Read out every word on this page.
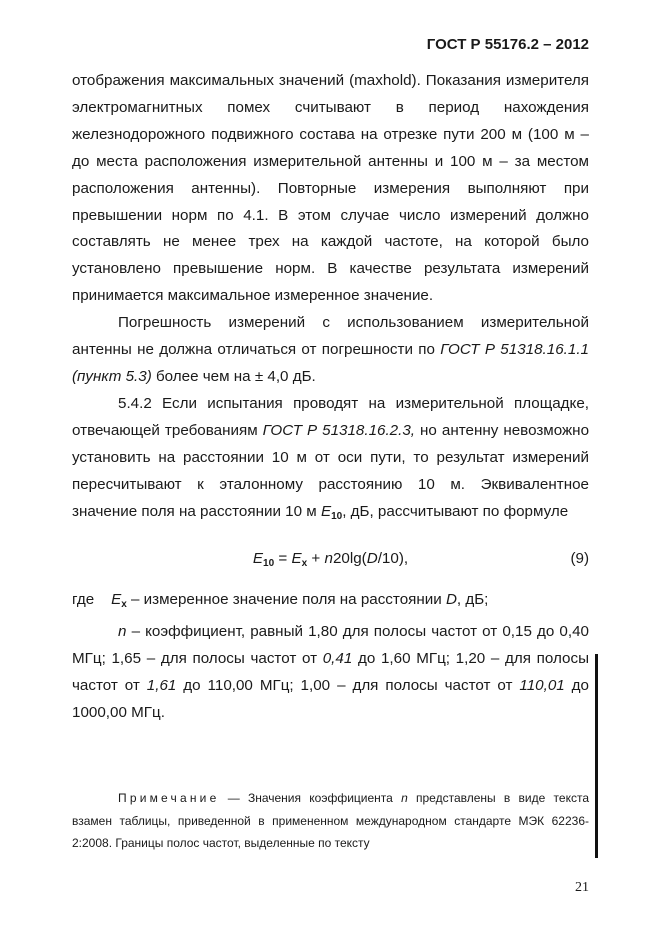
ГОСТ Р 55176.2 – 2012

отображения максимальных значений (maxhold). Показания измерителя электромагнитных помех считывают в период нахождения железнодорожного подвижного состава на отрезке пути 200 м (100 м – до места расположения измерительной антенны и 100 м – за местом расположения антенны). Повторные измерения выполняют при превышении норм по 4.1. В этом случае число измерений должно составлять не менее трех на каждой частоте, на которой было установлено превышение норм. В качестве результата измерений принимается максимальное измеренное значение.

Погрешность измерений с использованием измерительной антенны не должна отличаться от погрешности по ГОСТ Р 51318.16.1.1 (пункт 5.3) более чем на ± 4,0 дБ.

5.4.2 Если испытания проводят на измерительной площадке, отвечающей требованиям ГОСТ Р 51318.16.2.3, но антенну невозможно установить на расстоянии 10 м от оси пути, то результат измерений пересчитывают к эталонному расстоянию 10 м. Эквивалентное значение поля на расстоянии 10 м $E_{10}$, дБ, рассчитывают по формуле

$E_{10} = E_x + n20\lg(D/10)$,	(9)

где $E_x$ – измеренное значение поля на расстоянии D, дБ;

n – коэффициент, равный 1,80 для полосы частот от 0,15 до 0,40 МГц; 1,65 – для полосы частот от 0,41 до 1,60 МГц; 1,20 – для полосы частот от 1,61 до 110,00 МГц; 1,00 – для полосы частот от 110,01 до 1000,00 МГц.

Примечание — Значения коэффициента n представлены в виде текста взамен таблицы, приведенной в примененном международном стандарте МЭК 62236-2:2008. Границы полос частот, выделенные по тексту
21
